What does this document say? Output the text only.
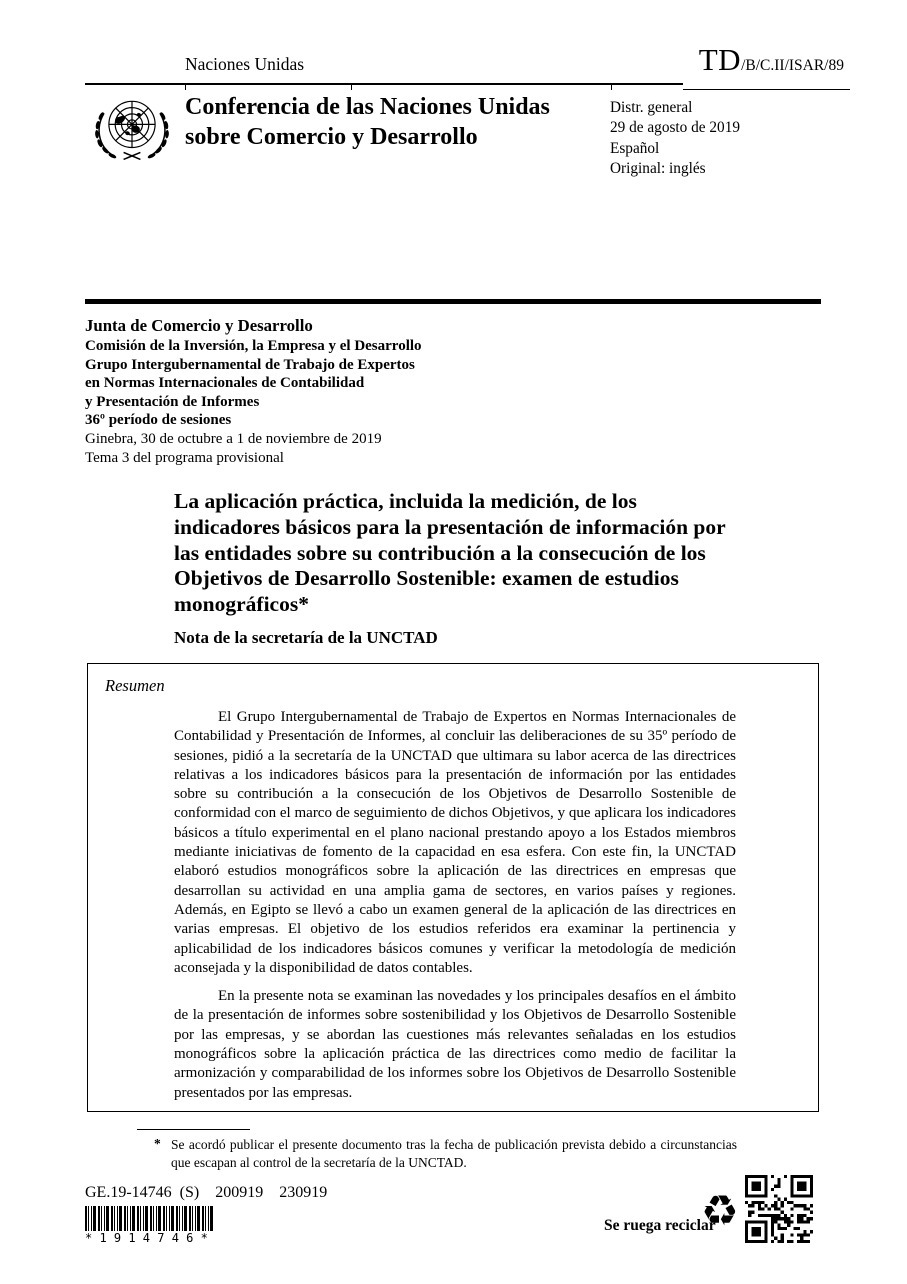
Naciones Unidas	TD/B/C.II/ISAR/89
Conferencia de las Naciones Unidas
sobre Comercio y Desarrollo
Distr. general
29 de agosto de 2019
Español
Original: inglés
Junta de Comercio y Desarrollo
Comisión de la Inversión, la Empresa y el Desarrollo
Grupo Intergubernamental de Trabajo de Expertos
en Normas Internacionales de Contabilidad
y Presentación de Informes
36º período de sesiones
Ginebra, 30 de octubre a 1 de noviembre de 2019
Tema 3 del programa provisional
La aplicación práctica, incluida la medición, de los
indicadores básicos para la presentación de información por
las entidades sobre su contribución a la consecución de los
Objetivos de Desarrollo Sostenible: examen de estudios
monográficos*
Nota de la secretaría de la UNCTAD
Resumen

El Grupo Intergubernamental de Trabajo de Expertos en Normas Internacionales de Contabilidad y Presentación de Informes, al concluir las deliberaciones de su 35º período de sesiones, pidió a la secretaría de la UNCTAD que ultimara su labor acerca de las directrices relativas a los indicadores básicos para la presentación de información por las entidades sobre su contribución a la consecución de los Objetivos de Desarrollo Sostenible de conformidad con el marco de seguimiento de dichos Objetivos, y que aplicara los indicadores básicos a título experimental en el plano nacional prestando apoyo a los Estados miembros mediante iniciativas de fomento de la capacidad en esa esfera. Con este fin, la UNCTAD elaboró estudios monográficos sobre la aplicación de las directrices en empresas que desarrollan su actividad en una amplia gama de sectores, en varios países y regiones. Además, en Egipto se llevó a cabo un examen general de la aplicación de las directrices en varias empresas. El objetivo de los estudios referidos era examinar la pertinencia y aplicabilidad de los indicadores básicos comunes y verificar la metodología de medición aconsejada y la disponibilidad de datos contables.

En la presente nota se examinan las novedades y los principales desafíos en el ámbito de la presentación de informes sobre sostenibilidad y los Objetivos de Desarrollo Sostenible por las empresas, y se abordan las cuestiones más relevantes señaladas en los estudios monográficos sobre la aplicación práctica de las directrices como medio de facilitar la armonización y comparabilidad de los informes sobre los Objetivos de Desarrollo Sostenible presentados por las empresas.

* Se acordó publicar el presente documento tras la fecha de publicación prevista debido a circunstancias que escapan al control de la secretaría de la UNCTAD.
GE.19-14746  (S)    200919    230919
* 1 9 1 4 7 4 6 *
Se ruega reciclar
♻
